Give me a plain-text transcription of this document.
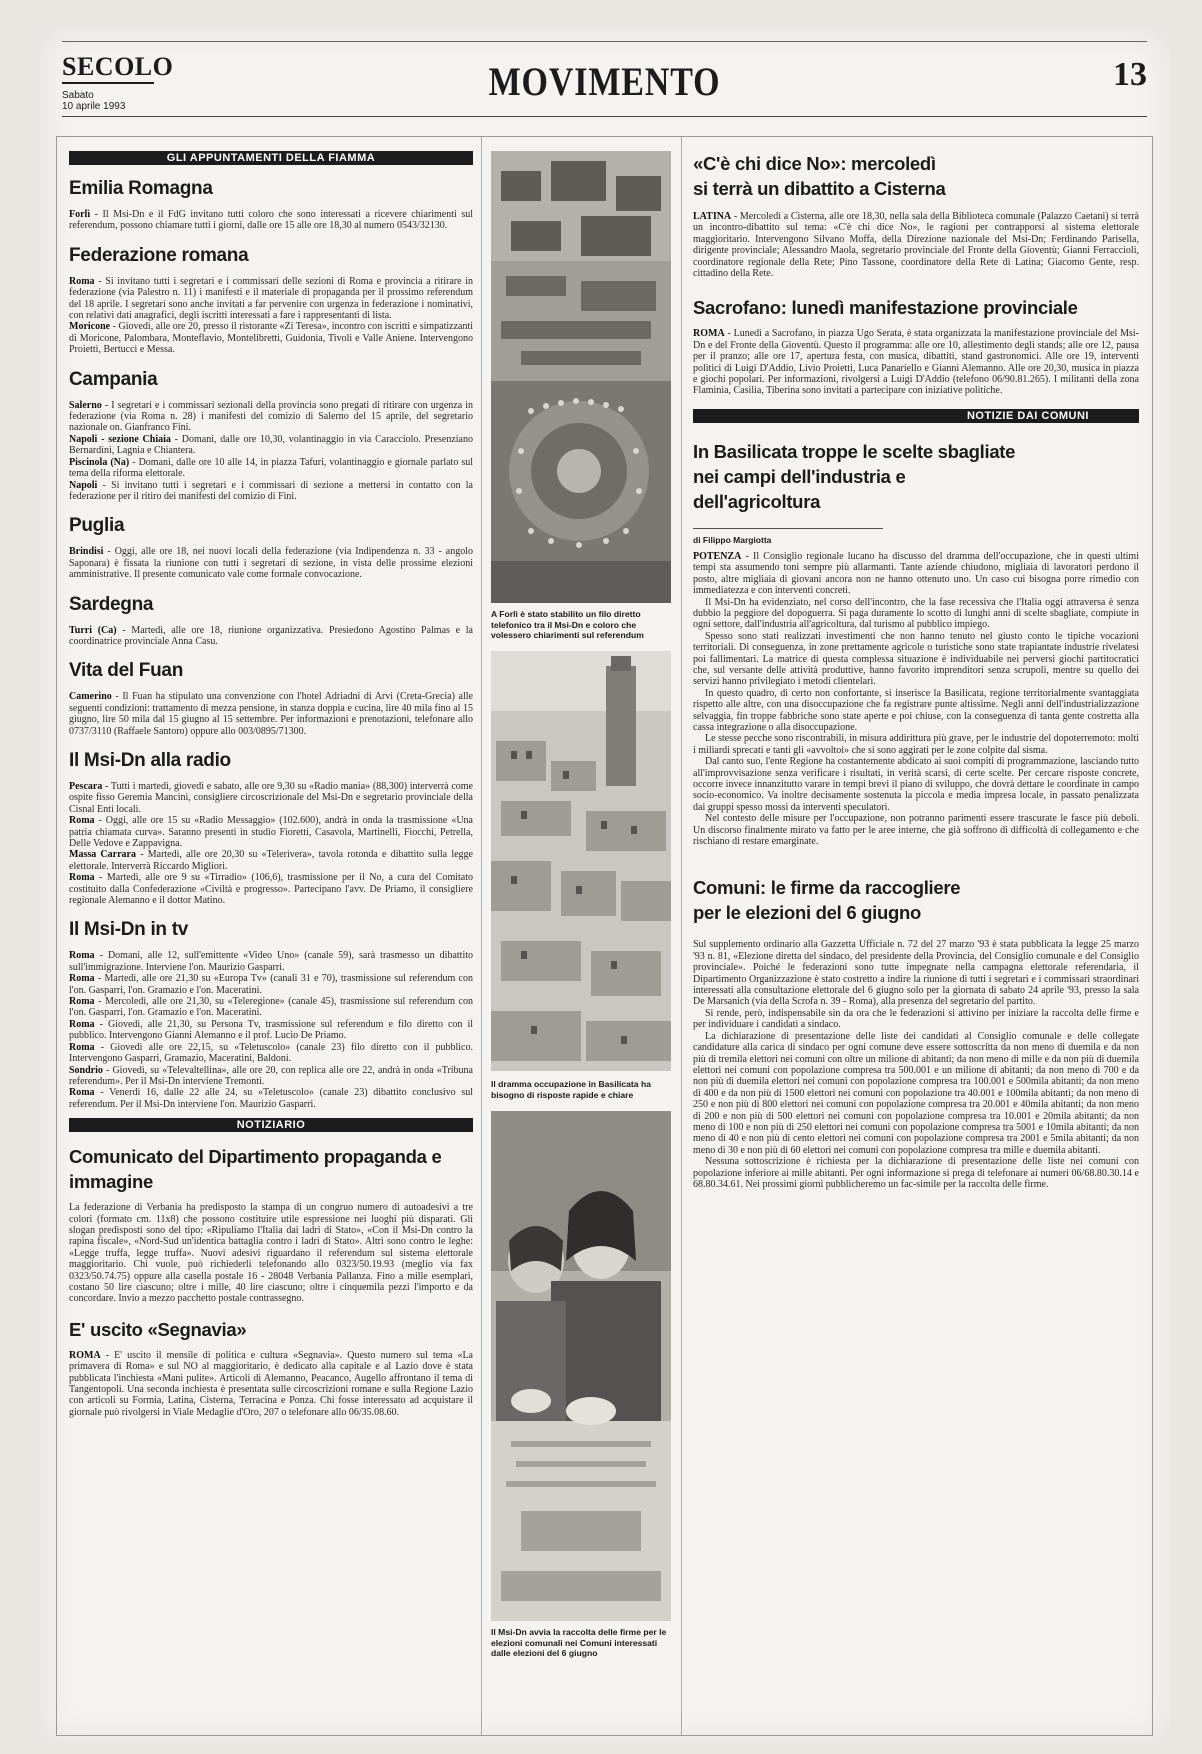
SECOLO
Sabato
10 aprile 1993
MOVIMENTO	13
GLI APPUNTAMENTI DELLA FIAMMA
Emilia Romagna

Forlì - Il Msi-Dn e il FdG invitano tutti coloro che sono interessati a ricevere chiarimenti sul referendum, possono chiamare tutti i giorni, dalle ore 15 alle ore 18,30 al numero 0543/32130.

Federazione romana

Roma - Si invitano tutti i segretari e i commissari delle sezioni di Roma e provincia a ritirare in federazione (via Palestro n. 11) i manifesti e il materiale di propaganda per il prossimo referendum del 18 aprile. I segretari sono anche invitati a far pervenire con urgenza in federazione i nominativi, con relativi dati anagrafici, degli iscritti interessati a fare i rappresentanti di lista.

Moricone - Giovedì, alle ore 20, presso il ristorante «Zi Teresa», incontro con iscritti e simpatizzanti di Moricone, Palombara, Monteflavio, Montelibretti, Guidonia, Tivoli e Valle Aniene. Intervengono Proietti, Bertucci e Messa.

Campania

Salerno - I segretari e i commissari sezionali della provincia sono pregati di ritirare con urgenza in federazione (via Roma n. 28) i manifesti del comizio di Salerno del 15 aprile, del segretario nazionale on. Gianfranco Fini.

Napoli - sezione Chiaia - Domani, dalle ore 10,30, volantinaggio in via Caracciolo. Presenziano Bernardini, Lagnia e Chiantera.

Piscinola (Na) - Domani, dalle ore 10 alle 14, in piazza Tafuri, volantinaggio e giornale parlato sul tema della riforma elettorale.

Napoli - Si invitano tutti i segretari e i commissari di sezione a mettersi in contatto con la federazione per il ritiro dei manifesti del comizio di Fini.

Puglia

Brindisi - Oggi, alle ore 18, nei nuovi locali della federazione (via Indipendenza n. 33 - angolo Saponara) è fissata la riunione con tutti i segretari di sezione, in vista delle prossime elezioni amministrative. Il presente comunicato vale come formale convocazione.

Sardegna

Turri (Ca) - Martedì, alle ore 18, riunione organizzativa. Presiedono Agostino Palmas e la coordinatrice provinciale Anna Casu.

Vita del Fuan

Camerino - Il Fuan ha stipulato una convenzione con l'hotel Adriadni di Arvi (Creta-Grecia) alle seguenti condizioni: trattamento di mezza pensione, in stanza doppia e cucina, lire 40 mila fino al 15 giugno, lire 50 mila dal 15 giugno al 15 settembre. Per informazioni e prenotazioni, telefonare allo 0737/3110 (Raffaele Santoro) oppure allo 003/0895/71300.

Il Msi-Dn alla radio

Pescara - Tutti i martedì, giovedì e sabato, alle ore 9,30 su «Radio mania» (88,300) interverrà come ospite fisso Geremia Mancini, consigliere circoscrizionale del Msi-Dn e segretario provinciale della Cisnal Enti locali.

Roma - Oggi, alle ore 15 su «Radio Messaggio» (102.600), andrà in onda la trasmissione «Una patria chiamata curva». Saranno presenti in studio Fioretti, Casavola, Martinelli, Fiocchi, Petrella, Delle Vedove e Zappavigna.

Massa Carrara - Martedì, alle ore 20,30 su «Telerivera», tavola rotonda e dibattito sulla legge elettorale. Interverrà Riccardo Migliori.

Roma - Martedì, alle ore 9 su «Tirradio» (106,6), trasmissione per il No, a cura del Comitato costituito dalla Confederazione «Civiltà e progresso». Partecipano l'avv. De Priamo, il consigliere regionale Alemanno e il dottor Matino.

Il Msi-Dn in tv

Roma - Domani, alle 12, sull'emittente «Video Uno» (canale 59), sarà trasmesso un dibattito sull'immigrazione. Interviene l'on. Maurizio Gasparri.

Roma - Martedì, alle ore 21,30 su «Europa Tv» (canali 31 e 70), trasmissione sul referendum con l'on. Gasparri, l'on. Gramazio e l'on. Maceratini.

Roma - Mercoledì, alle ore 21,30, su «Teleregione» (canale 45), trasmissione sul referendum con l'on. Gasparri, l'on. Gramazio e l'on. Maceratini.

Roma - Giovedì, alle 21,30, su Persona Tv, trasmissione sul referendum e filo diretto con il pubblico. Intervengono Gianni Alemanno e il prof. Lucio De Priamo.

Roma - Giovedì alle ore 22,15, su «Teletuscolo» (canale 23) filo diretto con il pubblico. Intervengono Gasparri, Gramazio, Maceratini, Baldoni.

Sondrio - Giovedì, su «Televaltellina», alle ore 20, con replica alle ore 22, andrà in onda «Tribuna referendum». Per il Msi-Dn interviene Tremonti.

Roma - Venerdì 16, dalle 22 alle 24, su «Teletuscolo» (canale 23) dibattito conclusivo sul referendum. Per il Msi-Dn interviene l'on. Maurizio Gasparri.

NOTIZIARIO
Comunicato del Dipartimento propaganda e immagine

La federazione di Verbania ha predisposto la stampa di un congruo numero di autoadesivi a tre colori (formato cm. 11x8) che possono costituire utile espressione nei luoghi più disparati. Gli slogan predisposti sono del tipo: «Ripuliamo l'Italia dai ladri di Stato», «Con il Msi-Dn contro la rapina fiscale», «Nord-Sud un'identica battaglia contro i ladri di Stato». Altri sono contro le leghe: «Legge truffa, legge truffa». Nuovi adesivi riguardano il referendum sul sistema elettorale maggioritario. Chi vuole, può richiederli telefonando allo 0323/50.19.93 (meglio via fax 0323/50.74.75) oppure alla casella postale 16 - 28048 Verbania Pallanza. Fino a mille esemplari, costano 50 lire ciascuno; oltre i mille, 40 lire ciascuno; oltre i cinquemila pezzi l'importo e da concordare. Invio a mezzo pacchetto postale contrassegno.

E' uscito «Segnavia»

ROMA - E' uscito il mensile di politica e cultura «Segnavia». Questo numero sul tema «La primavera di Roma» e sul NO al maggioritario, è dedicato alla capitale e al Lazio dove è stata pubblicata l'inchiesta «Mani pulite». Articoli di Alemanno, Peacanco, Augello affrontano il tema di Tangentopoli. Una seconda inchiesta è presentata sulle circoscrizioni romane e sulla Regione Lazio con articoli su Formia, Latina, Cisterna, Terracina e Ponza. Chi fosse interessato ad acquistare il giornale può rivolgersi in Viale Medaglie d'Oro, 207 o telefonare allo 06/35.08.60.

A Forlì è stato stabilito un filo diretto telefonico tra il Msi-Dn e coloro che volessero chiarimenti sul referendum
Il dramma occupazione in Basilicata ha bisogno di risposte rapide e chiare
Il Msi-Dn avvia la raccolta delle firme per le elezioni comunali nei Comuni interessati dalle elezioni del 6 giugno
«C'è chi dice No»: mercoledì si terrà un dibattito a Cisterna

LATINA - Mercoledì a Cisterna, alle ore 18,30, nella sala della Biblioteca comunale (Palazzo Caetani) si terrà un incontro-dibattito sul tema: «C'è chi dice No», le ragioni per contrapporsi al sistema elettorale maggioritario. Intervengono Silvano Moffa, della Direzione nazionale del Msi-Dn; Ferdinando Parisella, dirigente provinciale; Alessandro Maola, segretario provinciale del Fronte della Gioventù; Gianni Ferraccioli, coordinatore regionale della Rete; Pino Tassone, coordinatore della Rete di Latina; Giacomo Gente, resp. cittadino della Rete.

Sacrofano: lunedì manifestazione provinciale

ROMA - Lunedì a Sacrofano, in piazza Ugo Serata, è stata organizzata la manifestazione provinciale del Msi-Dn e del Fronte della Gioventù. Questo il programma: alle ore 10, allestimento degli stands; alle ore 12, pausa per il pranzo; alle ore 17, apertura festa, con musica, dibattiti, stand gastronomici. Alle ore 19, interventi politici di Luigi D'Addio, Livio Proietti, Luca Panariello e Gianni Alemanno. Alle ore 20,30, musica in piazza e giochi popolari. Per informazioni, rivolgersi a Luigi D'Addio (telefono 06/90.81.265). I militanti della zona Flaminia, Casilia, Tiberina sono invitati a partecipare con iniziative politiche.

NOTIZIE DAI COMUNI
In Basilicata troppe le scelte sbagliate nei campi dell'industria e dell'agricoltura

di Filippo Margiotta

POTENZA - Il Consiglio regionale lucano ha discusso del dramma dell'occupazione, che in questi ultimi tempi sta assumendo toni sempre più allarmanti. Tante aziende chiudono, migliaia di lavoratori perdono il posto, altre migliaia di giovani ancora non ne hanno ottenuto uno. Un caso cui bisogna porre rimedio con immediatezza e con interventi concreti.

Il Msi-Dn ha evidenziato, nel corso dell'incontro, che la fase recessiva che l'Italia oggi attraversa è senza dubbio la peggiore del dopoguerra. Si paga duramente lo scotto di lunghi anni di scelte sbagliate, compiute in ogni settore, dall'industria all'agricoltura, dal turismo al pubblico impiego.

Spesso sono stati realizzati investimenti che non hanno tenuto nel giusto conto le tipiche vocazioni territoriali. Di conseguenza, in zone prettamente agricole o turistiche sono state trapiantate industrie rivelatesi poi fallimentari. La matrice di questa complessa situazione è individuabile nei perversi giochi partitocratici che, sul versante delle attività produttive, hanno favorito imprenditori senza scrupoli, mentre su quello dei servizi hanno privilegiato i metodi clientelari.

In questo quadro, di certo non confortante, si inserisce la Basilicata, regione territorialmente svantaggiata rispetto alle altre, con una disoccupazione che fa registrare punte altissime. Negli anni dell'industrializzazione selvaggia, fin troppe fabbriche sono state aperte e poi chiuse, con la conseguenza di tanta gente costretta alla cassa integrazione o alla disoccupazione.

Le stesse pecche sono riscontrabili, in misura addirittura più grave, per le industrie del dopoterremoto: molti i miliardi sprecati e tanti gli «avvoltoi» che si sono aggirati per le zone colpite dal sisma.

Dal canto suo, l'ente Regione ha costantemente abdicato ai suoi compiti di programmazione, lasciando tutto all'improvvisazione senza verificare i risultati, in verità scarsi, di certe scelte. Per cercare risposte concrete, occorre invece innanzitutto varare in tempi brevi il piano di sviluppo, che dovrà dettare le coordinate in campo socio-economico. Va inoltre decisamente sostenuta la piccola e media impresa locale, in passato penalizzata dai gruppi spesso mossi da interventi speculatori.

Nel contesto delle misure per l'occupazione, non potranno parimenti essere trascurate le fasce più deboli. Un discorso finalmente mirato va fatto per le aree interne, che già soffrono di difficoltà di collegamento e che rischiano di restare emarginate.

Comuni: le firme da raccogliere per le elezioni del 6 giugno

Sul supplemento ordinario alla Gazzetta Ufficiale n. 72 del 27 marzo '93 è stata pubblicata la legge 25 marzo '93 n. 81, «Elezione diretta del sindaco, del presidente della Provincia, del Consiglio comunale e del Consiglio provinciale». Poiché le federazioni sono tutte impegnate nella campagna elettorale referendaria, il Dipartimento Organizzazione è stato costretto a indire la riunione di tutti i segretari e i commissari straordinari interessati alla consultazione elettorale del 6 giugno solo per la giornata di sabato 24 aprile '93, presso la sala De Marsanich (via della Scrofa n. 39 - Roma), alla presenza del segretario del partito.

Si rende, però, indispensabile sin da ora che le federazioni si attivino per iniziare la raccolta delle firme e per individuare i candidati a sindaco.

La dichiarazione di presentazione delle liste dei candidati al Consiglio comunale e delle collegate candidature alla carica di sindaco per ogni comune deve essere sottoscritta da non meno di duemila e da non più di tremila elettori nei comuni con oltre un milione di abitanti; da non meno di mille e da non più di duemila elettori nei comuni con popolazione compresa tra 500.001 e un milione di abitanti; da non meno di 700 e da non più di duemila elettori nei comuni con popolazione compresa tra 100.001 e 500mila abitanti; da non meno di 400 e da non più di 1500 elettori nei comuni con popolazione tra 40.001 e 100mila abitanti; da non meno di 250 e non più di 800 elettori nei comuni con popolazione compresa tra 20.001 e 40mila abitanti; da non meno di 200 e non più di 500 elettori nei comuni con popolazione compresa tra 10.001 e 20mila abitanti; da non meno di 100 e non più di 250 elettori nei comuni con popolazione compresa tra 5001 e 10mila abitanti; da non meno di 40 e non più di cento elettori nei comuni con popolazione compresa tra 2001 e 5mila abitanti; da non meno di 30 e non più di 60 elettori nei comuni con popolazione compresa tra mille e duemila abitanti.

Nessuna sottoscrizione è richiesta per la dichiarazione di presentazione delle liste nei comuni con popolazione inferiore ai mille abitanti. Per ogni informazione si prega di telefonare ai numeri 06/68.80.30.14 e 68.80.34.61. Nei prossimi giorni pubblicheremo un fac-simile per la raccolta delle firme.
